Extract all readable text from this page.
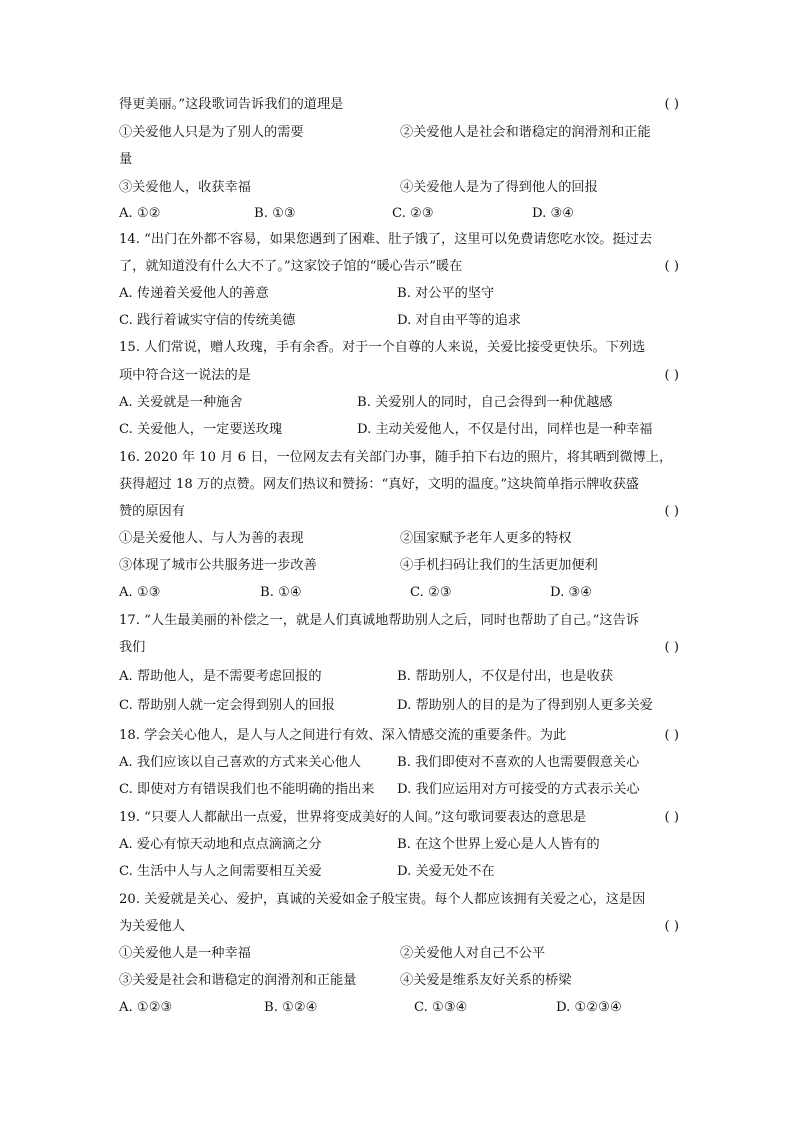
得更美丽。”这段歌词告诉我们的道理是	( )
①关爱他人只是为了别人的需要	②关爱他人是社会和谐稳定的润滑剂和正能
量
③关爱他人，收获幸福	④关爱他人是为了得到他人的回报
A. ①②	B. ①③	C. ②③	D. ③④
14. “出门在外都不容易，如果您遇到了困难、肚子饿了，这里可以免费请您吃水饺。挺过去
了，就知道没有什么大不了。”这家饺子馆的“暖心告示”暖在	( )
A. 传递着关爱他人的善意	B. 对公平的坚守
C. 践行着诚实守信的传统美德	D. 对自由平等的追求
15. 人们常说，赠人玫瑰，手有余香。对于一个自尊的人来说，关爱比接受更快乐。下列选
项中符合这一说法的是	( )
A. 关爱就是一种施舍	B. 关爱别人的同时，自己会得到一种优越感
C. 关爱他人，一定要送玫瑰	D. 主动关爱他人，不仅是付出，同样也是一种幸福
16. 2020 年 10 月 6 日，一位网友去有关部门办事，随手拍下右边的照片，将其晒到微博上，
获得超过 18 万的点赞。网友们热议和赞扬：“真好，文明的温度。”这块简单指示牌收获盛
赞的原因有	( )
①是关爱他人、与人为善的表现	②国家赋予老年人更多的特权
③体现了城市公共服务进一步改善	④手机扫码让我们的生活更加便利
A. ①③	B. ①④	C. ②③	D. ③④
17. “人生最美丽的补偿之一，就是人们真诚地帮助别人之后，同时也帮助了自己。”这告诉
我们	( )
A. 帮助他人，是不需要考虑回报的	B. 帮助别人，不仅是付出，也是收获
C. 帮助别人就一定会得到别人的回报	D. 帮助别人的目的是为了得到别人更多关爱
18. 学会关心他人，是人与人之间进行有效、深入情感交流的重要条件。为此	( )
A. 我们应该以自己喜欢的方式来关心他人	B. 我们即使对不喜欢的人也需要假意关心
C. 即使对方有错误我们也不能明确的指出来 D. 我们应运用对方可接受的方式表示关心
19. “只要人人都献出一点爱，世界将变成美好的人间。”这句歌词要表达的意思是	( )
A. 爱心有惊天动地和点点滴滴之分	B. 在这个世界上爱心是人人皆有的
C. 生活中人与人之间需要相互关爱	D. 关爱无处不在
20. 关爱就是关心、爱护，真诚的关爱如金子般宝贵。每个人都应该拥有关爱之心，这是因
为关爱他人	( )
①关爱他人是一种幸福	②关爱他人对自己不公平
③关爱是社会和谐稳定的润滑剂和正能量	④关爱是维系友好关系的桥梁
A. ①②③	B. ①②④	C. ①③④	D. ①②③④
